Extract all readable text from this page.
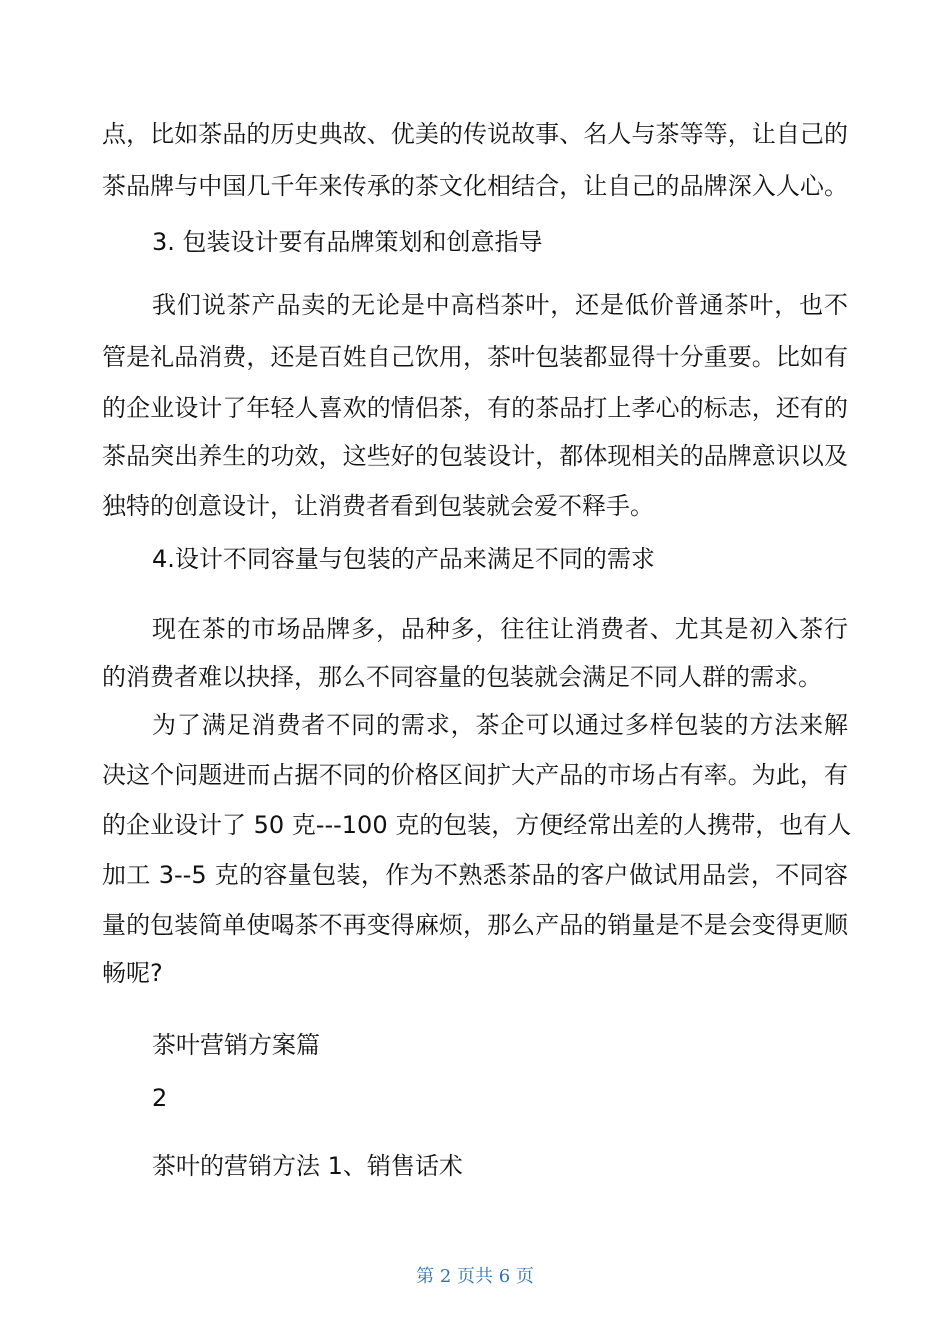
点，比如茶品的历史典故、优美的传说故事、名人与茶等等，让自己的
茶品牌与中国几千年来传承的茶文化相结合，让自己的品牌深入人心。
3. 包装设计要有品牌策划和创意指导
我们说茶产品卖的无论是中高档茶叶，还是低价普通茶叶，也不
管是礼品消费，还是百姓自己饮用，茶叶包装都显得十分重要。比如有
的企业设计了年轻人喜欢的情侣茶，有的茶品打上孝心的标志，还有的
茶品突出养生的功效，这些好的包装设计，都体现相关的品牌意识以及
独特的创意设计，让消费者看到包装就会爱不释手。
4.设计不同容量与包装的产品来满足不同的需求
现在茶的市场品牌多，品种多，往往让消费者、尤其是初入茶行
的消费者难以抉择，那么不同容量的包装就会满足不同人群的需求。
为了满足消费者不同的需求，茶企可以通过多样包装的方法来解
决这个问题进而占据不同的价格区间扩大产品的市场占有率。为此，有
的企业设计了 50 克---100 克的包装，方便经常出差的人携带，也有人
加工 3--5 克的容量包装，作为不熟悉茶品的客户做试用品尝，不同容
量的包装简单使喝茶不再变得麻烦，那么产品的销量是不是会变得更顺
畅呢?
茶叶营销方案篇
2
茶叶的营销方法 1、销售话术
第 2 页共 6 页
